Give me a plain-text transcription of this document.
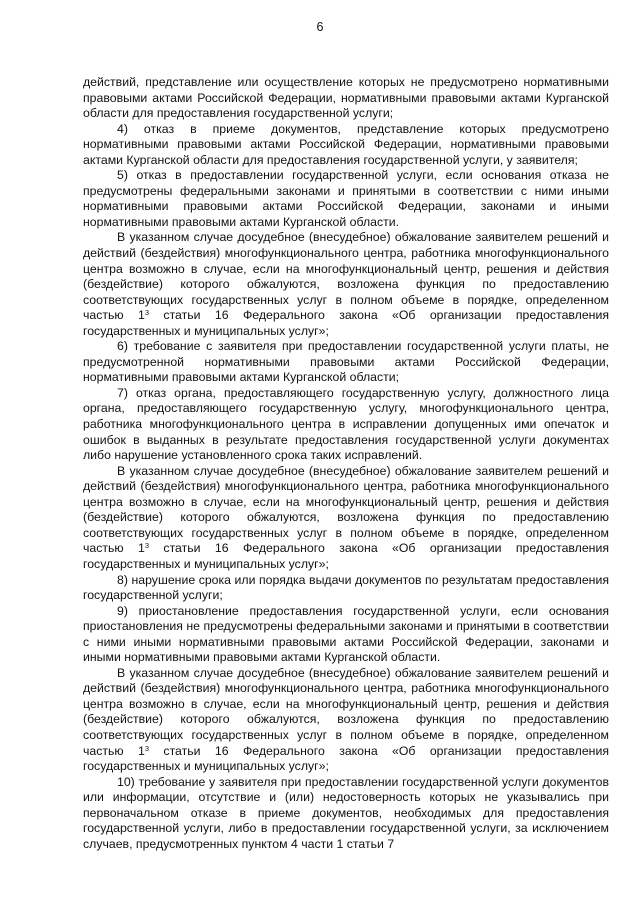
6

действий, представление или осуществление которых не предусмотрено нормативными правовыми актами Российской Федерации, нормативными правовыми актами Курганской области для предоставления государственной услуги;

4) отказ в приеме документов, представление которых предусмотрено нормативными правовыми актами Российской Федерации, нормативными правовыми актами Курганской области для предоставления государственной услуги, у заявителя;

5) отказ в предоставлении государственной услуги, если основания отказа не предусмотрены федеральными законами и принятыми в соответствии с ними иными нормативными правовыми актами Российской Федерации, законами и иными нормативными правовыми актами Курганской области.

В указанном случае досудебное (внесудебное) обжалование заявителем решений и действий (бездействия) многофункционального центра, работника многофункционального центра возможно в случае, если на многофункциональный центр, решения и действия (бездействие) которого обжалуются, возложена функция по предоставлению соответствующих государственных услуг в полном объеме в порядке, определенном частью $1^3$ статьи 16 Федерального закона «Об организации предоставления государственных и муниципальных услуг»;

6) требование с заявителя при предоставлении государственной услуги платы, не предусмотренной нормативными правовыми актами Российской Федерации, нормативными правовыми актами Курганской области;

7) отказ органа, предоставляющего государственную услугу, должностного лица органа, предоставляющего государственную услугу, многофункционального центра, работника многофункционального центра в исправлении допущенных ими опечаток и ошибок в выданных в результате предоставления государственной услуги документах либо нарушение установленного срока таких исправлений.

В указанном случае досудебное (внесудебное) обжалование заявителем решений и действий (бездействия) многофункционального центра, работника многофункционального центра возможно в случае, если на многофункциональный центр, решения и действия (бездействие) которого обжалуются, возложена функция по предоставлению соответствующих государственных услуг в полном объеме в порядке, определенном частью $1^3$ статьи 16 Федерального закона «Об организации предоставления государственных и муниципальных услуг»;

8) нарушение срока или порядка выдачи документов по результатам предоставления государственной услуги;

9) приостановление предоставления государственной услуги, если основания приостановления не предусмотрены федеральными законами и принятыми в соответствии с ними иными нормативными правовыми актами Российской Федерации, законами и иными нормативными правовыми актами Курганской области.

В указанном случае досудебное (внесудебное) обжалование заявителем решений и действий (бездействия) многофункционального центра, работника многофункционального центра возможно в случае, если на многофункциональный центр, решения и действия (бездействие) которого обжалуются, возложена функция по предоставлению соответствующих государственных услуг в полном объеме в порядке, определенном частью $1^3$ статьи 16 Федерального закона «Об организации предоставления государственных и муниципальных услуг»;

10) требование у заявителя при предоставлении государственной услуги документов или информации, отсутствие и (или) недостоверность которых не указывались при первоначальном отказе в приеме документов, необходимых для предоставления государственной услуги, либо в предоставлении государственной услуги, за исключением случаев, предусмотренных пунктом 4 части 1 статьи 7
